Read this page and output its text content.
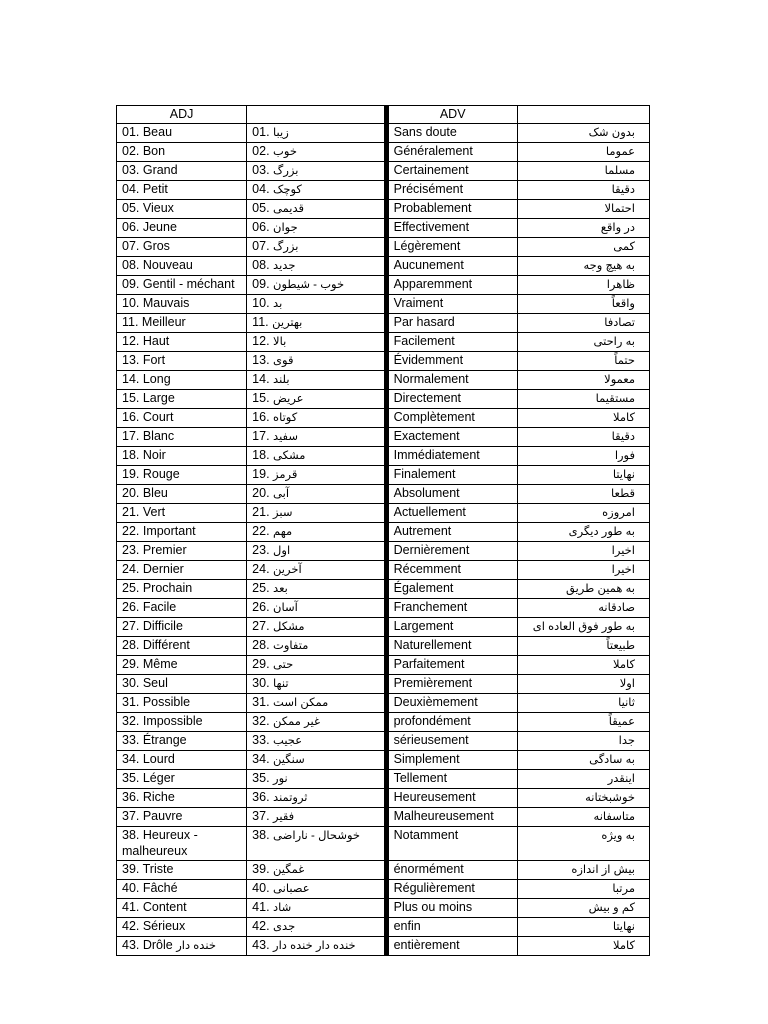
ADJ			ADV	
01. Beau	01. زیبا		Sans doute	بدون شک
02. Bon	02. خوب		Généralement	عموما
03. Grand	03. بزرگ		Certainement	مسلما
04. Petit	04. کوچک		Précisément	دقیقا
05. Vieux	05. قدیمی		Probablement	احتمالا
06. Jeune	06. جوان		Effectivement	در واقع
07. Gros	07. بزرگ		Légèrement	کمی
08. Nouveau	08. جدید		Aucunement	به هیچ وجه
09. Gentil - méchant	09. خوب - شیطون		Apparemment	ظاهرا
10. Mauvais	10. بد		Vraiment	واقعاً
11. Meilleur	11. بهترین		Par hasard	تصادفا
12. Haut	12. بالا		Facilement	به راحتی
13. Fort	13. قوی		Évidemment	حتماً
14. Long	14. بلند		Normalement	معمولا
15. Large	15. عریض		Directement	مستقیما
16. Court	16. کوتاه		Complètement	کاملا
17. Blanc	17. سفید		Exactement	دقیقا
18. Noir	18. مشکی		Immédiatement	فورا
19. Rouge	19. قرمز		Finalement	نهایتا
20. Bleu	20. آبی		Absolument	قطعا
21. Vert	21. سبز		Actuellement	امروزه
22. Important	22. مهم		Autrement	به طور دیگری
23. Premier	23. اول		Dernièrement	اخیرا
24. Dernier	24. آخرین		Récemment	اخیرا
25. Prochain	25. بعد		Également	به همین طریق
26. Facile	26. آسان		Franchement	صادقانه
27. Difficile	27. مشکل		Largement	به طور فوق العاده ای
28. Différent	28. متفاوت		Naturellement	طبیعتاً
29. Même	29. حتی		Parfaitement	کاملا
30. Seul	30. تنها		Premièrement	اولا
31. Possible	31. ممکن است		Deuxièmement	ثانیا
32. Impossible	32. غیر ممکن		profondément	عمیقاً
33. Étrange	33. عجیب		sérieusement	جدا
34. Lourd	34. سنگین		Simplement	به سادگی
35. Léger	35. نور		Tellement	اینقدر
36. Riche	36. ثروتمند		Heureusement	خوشبختانه
37. Pauvre	37. فقیر		Malheureusement	متاسفانه
38. Heureux - malheureux	38. خوشحال - ناراضی		Notamment	به ویژه
39. Triste	39. غمگین		énormément	بیش از اندازه
40. Fâché	40. عصبانی		Régulièrement	مرتبا
41. Content	41. شاد		Plus ou moins	کم و بیش
42. Sérieux	42. جدی		enfin	نهایتا
43. Drôle خنده دار	43. خنده دار خنده دار		entièrement	کاملا
